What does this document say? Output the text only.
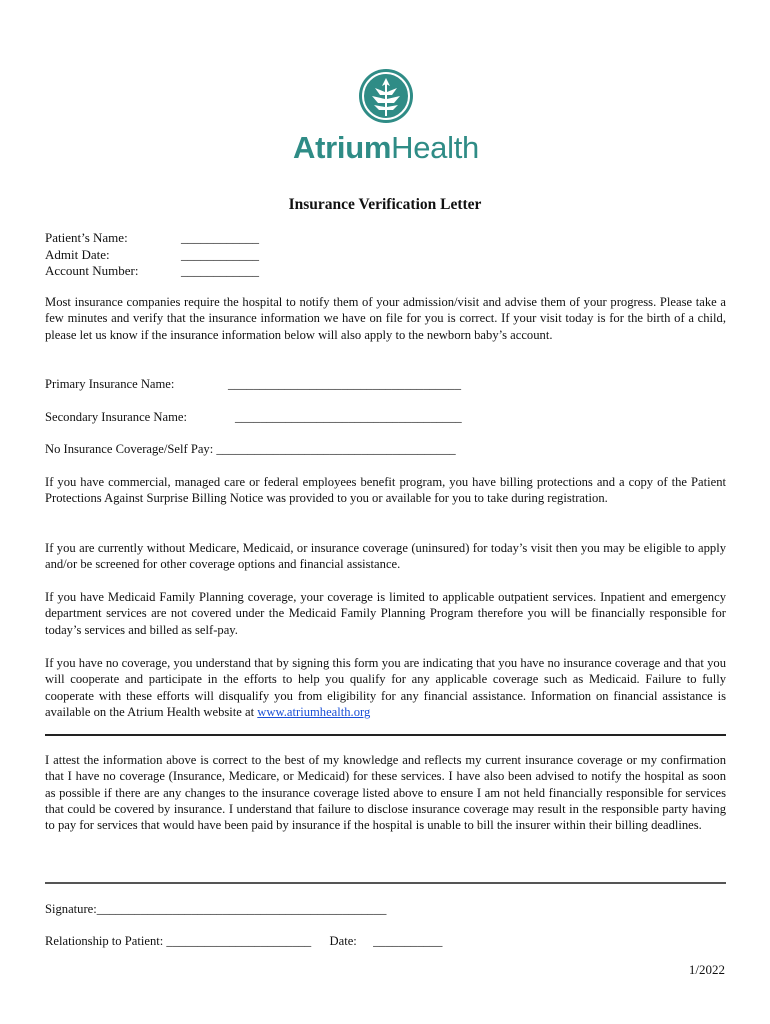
AtriumHealth
Insurance Verification Letter
Patient’s Name:	____________
Admit Date:	____________
Account Number:	____________
Most insurance companies require the hospital to notify them of your admission/visit and advise them of your progress. Please take a few minutes and verify that the insurance information we have on file for you is correct. If your visit today is for the birth of a child, please let us know if the insurance information below will also apply to the newborn baby’s account.
Primary Insurance Name:	_____________________________________
Secondary Insurance Name:	____________________________________
No Insurance Coverage/Self Pay: ______________________________________
If you have commercial, managed care or federal employees benefit program, you have billing protections and a copy of the Patient Protections Against Surprise Billing Notice was provided to you or available for you to take during registration.
If you are currently without Medicare, Medicaid, or insurance coverage (uninsured) for today’s visit then you may be eligible to apply and/or be screened for other coverage options and financial assistance.
If you have Medicaid Family Planning coverage, your coverage is limited to applicable outpatient services. Inpatient and emergency department services are not covered under the Medicaid Family Planning Program therefore you will be financially responsible for today’s services and billed as self-pay.
If you have no coverage, you understand that by signing this form you are indicating that you have no insurance coverage and that you will cooperate and participate in the efforts to help you qualify for any applicable coverage such as Medicaid. Failure to fully cooperate with these efforts will disqualify you from eligibility for any financial assistance. Information on financial assistance is available on the Atrium Health website at www.atriumhealth.org
I attest the information above is correct to the best of my knowledge and reflects my current insurance coverage or my confirmation that I have no coverage (Insurance, Medicare, or Medicaid) for these services. I have also been advised to notify the hospital as soon as possible if there are any changes to the insurance coverage listed above to ensure I am not held financially responsible for services that could be covered by insurance. I understand that failure to disclose insurance coverage may result in the responsible party having to pay for services that would have been paid by insurance if the hospital is unable to bill the insurer within their billing deadlines.
Signature:______________________________________________
Relationship to Patient: _______________________ Date: ___________
1/2022
